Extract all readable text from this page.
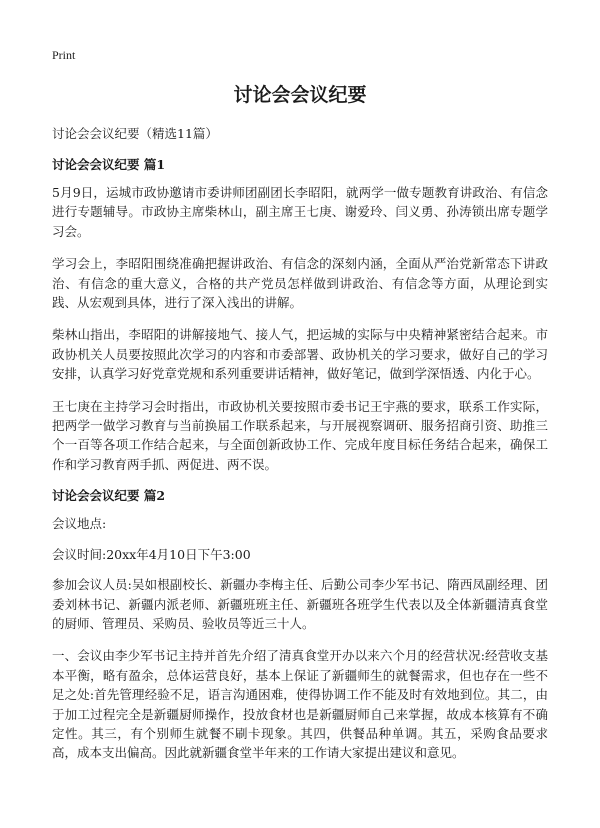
Print
讨论会会议纪要
讨论会会议纪要（精选11篇）
讨论会会议纪要 篇1

5月9日，运城市政协邀请市委讲师团副团长李昭阳，就两学一做专题教育讲政治、有信念进行专题辅导。市政协主席柴林山，副主席王七庚、谢爱玲、闫义勇、孙涛锁出席专题学习会。

学习会上，李昭阳围绕准确把握讲政治、有信念的深刻内涵，全面从严治党新常态下讲政治、有信念的重大意义，合格的共产党员怎样做到讲政治、有信念等方面，从理论到实践、从宏观到具体，进行了深入浅出的讲解。

柴林山指出，李昭阳的讲解接地气、接人气，把运城的实际与中央精神紧密结合起来。市政协机关人员要按照此次学习的内容和市委部署、政协机关的学习要求，做好自己的学习安排，认真学习好党章党规和系列重要讲话精神，做好笔记，做到学深悟透、内化于心。

王七庚在主持学习会时指出，市政协机关要按照市委书记王宇燕的要求，联系工作实际，把两学一做学习教育与当前换届工作联系起来，与开展视察调研、服务招商引资、助推三个一百等各项工作结合起来，与全面创新政协工作、完成年度目标任务结合起来，确保工作和学习教育两手抓、两促进、两不误。

讨论会会议纪要 篇2

会议地点:

会议时间:20xx年4月10日下午3:00

参加会议人员:吴如根副校长、新疆办李梅主任、后勤公司李少军书记、隋西凤副经理、团委刘林书记、新疆内派老师、新疆班班主任、新疆班各班学生代表以及全体新疆清真食堂的厨师、管理员、采购员、验收员等近三十人。

一、会议由李少军书记主持并首先介绍了清真食堂开办以来六个月的经营状况:经营收支基本平衡，略有盈余，总体运营良好，基本上保证了新疆师生的就餐需求，但也存在一些不足之处:首先管理经验不足，语言沟通困难，使得协调工作不能及时有效地到位。其二，由于加工过程完全是新疆厨师操作，投放食材也是新疆厨师自己来掌握，故成本核算有不确定性。其三，有个别师生就餐不刷卡现象。其四，供餐品种单调。其五，采购食品要求高，成本支出偏高。因此就新疆食堂半年来的工作请大家提出建议和意见。
